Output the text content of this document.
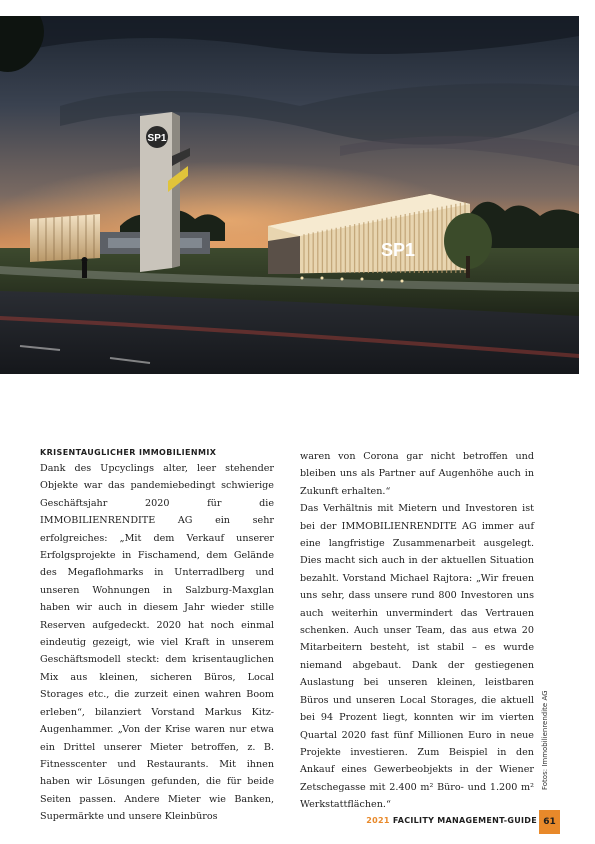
SP1
SP1
KRISENTAUGLICHER IMMOBILIENMIX

Dank des Upcyclings alter, leer stehender Objekte war das pandemiebedingt schwierige Geschäftsjahr 2020 für die IMMOBILIENRENDITE AG ein sehr erfolgreiches: „Mit dem Verkauf unserer Erfolgsprojekte in Fischamend, dem Gelände des Megaflohmarks in Unterradlberg und unseren Wohnungen in Salzburg-Maxglan haben wir auch in diesem Jahr wieder stille Reserven aufgedeckt. 2020 hat noch einmal eindeutig gezeigt, wie viel Kraft in unserem Geschäftsmodell steckt: dem krisentauglichen Mix aus kleinen, sicheren Büros, Local Storages etc., die zurzeit einen wahren Boom erleben“, bilanziert Vorstand Markus Kitz-Augenhammer. „Von der Krise waren nur etwa ein Drittel unserer Mieter betroffen, z. B. Fitnesscenter und Restaurants. Mit ihnen haben wir Lösungen gefunden, die für beide Seiten passen. Andere Mieter wie Banken, Supermärkte und unsere Kleinbüros

waren von Corona gar nicht betroffen und bleiben uns als Partner auf Augenhöhe auch in Zukunft erhalten.“

Das Verhältnis mit Mietern und Investoren ist bei der IMMOBILIENRENDITE AG immer auf eine langfristige Zusammenarbeit ausgelegt. Dies macht sich auch in der aktuellen Situation bezahlt. Vorstand Michael Rajtora: „Wir freuen uns sehr, dass unsere rund 800 Investoren uns auch weiterhin unvermindert das Vertrauen schenken. Auch unser Team, das aus etwa 20 Mitarbeitern besteht, ist stabil – es wurde niemand abgebaut. Dank der gestiegenen Auslastung bei unseren kleinen, leistbaren Büros und unseren Local Storages, die aktuell bei 94 Prozent liegt, konnten wir im vierten Quartal 2020 fast fünf Millionen Euro in neue Projekte investieren. Zum Beispiel in den Ankauf eines Gewerbeobjekts in der Wiener Zetschegasse mit 2.400 m² Büro- und 1.200 m² Werkstattflächen.“

Fotos: Immobilienrendite AG
2021 FACILITY MANAGEMENT-GUIDE 61
